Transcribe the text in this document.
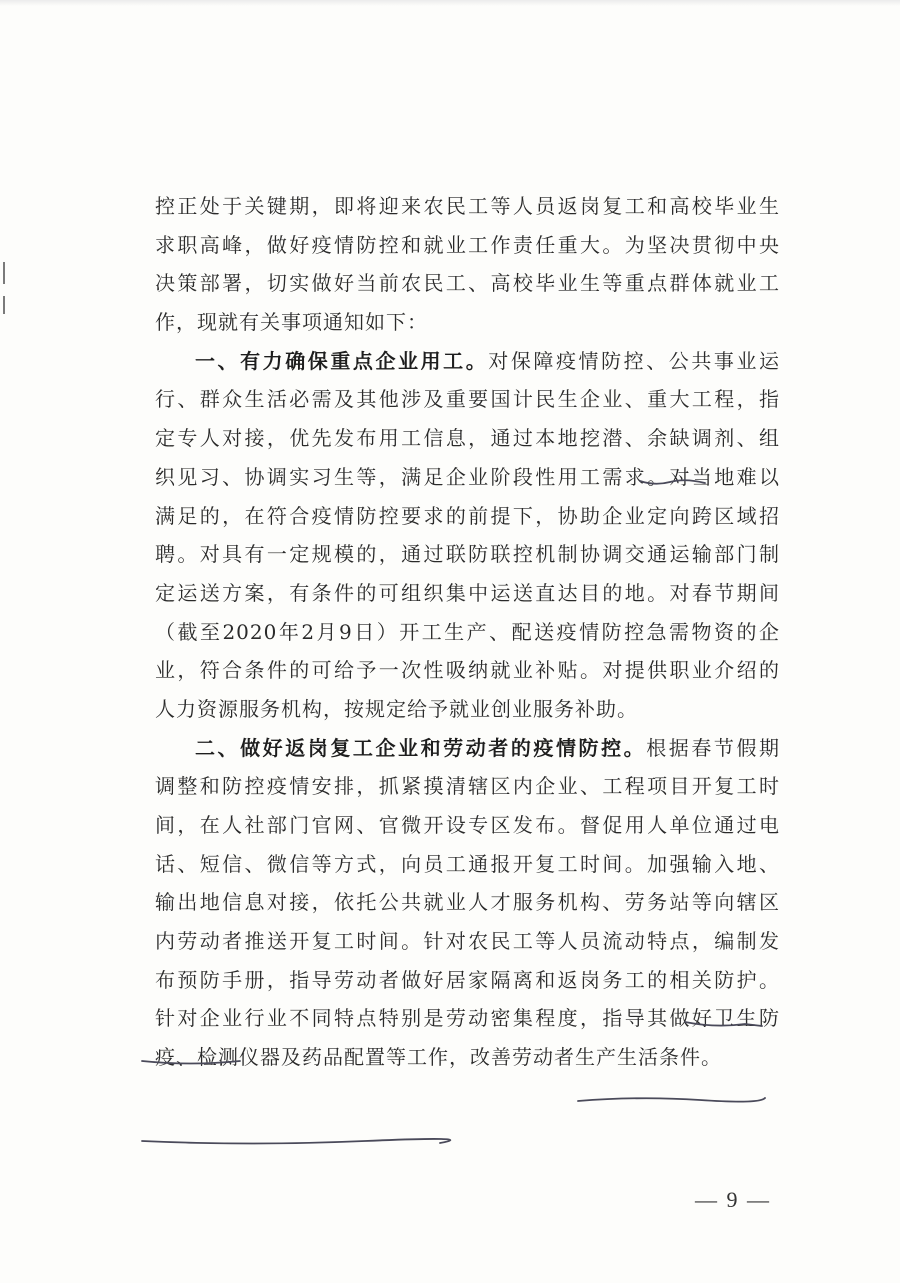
控正处于关键期，即将迎来农民工等人员返岗复工和高校毕业生
求职高峰，做好疫情防控和就业工作责任重大。为坚决贯彻中央
决策部署，切实做好当前农民工、高校毕业生等重点群体就业工
作，现就有关事项通知如下：
一、有力确保重点企业用工。对保障疫情防控、公共事业运
行、群众生活必需及其他涉及重要国计民生企业、重大工程，指
定专人对接，优先发布用工信息，通过本地挖潜、余缺调剂、组
织见习、协调实习生等，满足企业阶段性用工需求。对当地难以
满足的，在符合疫情防控要求的前提下，协助企业定向跨区域招
聘。对具有一定规模的，通过联防联控机制协调交通运输部门制
定运送方案，有条件的可组织集中运送直达目的地。对春节期间
（截至2020年2月9日）开工生产、配送疫情防控急需物资的企
业，符合条件的可给予一次性吸纳就业补贴。对提供职业介绍的
人力资源服务机构，按规定给予就业创业服务补助。
二、做好返岗复工企业和劳动者的疫情防控。根据春节假期
调整和防控疫情安排，抓紧摸清辖区内企业、工程项目开复工时
间，在人社部门官网、官微开设专区发布。督促用人单位通过电
话、短信、微信等方式，向员工通报开复工时间。加强输入地、
输出地信息对接，依托公共就业人才服务机构、劳务站等向辖区
内劳动者推送开复工时间。针对农民工等人员流动特点，编制发
布预防手册，指导劳动者做好居家隔离和返岗务工的相关防护。
针对企业行业不同特点特别是劳动密集程度，指导其做好卫生防
疫、检测仪器及药品配置等工作，改善劳动者生产生活条件。
— 9 —
